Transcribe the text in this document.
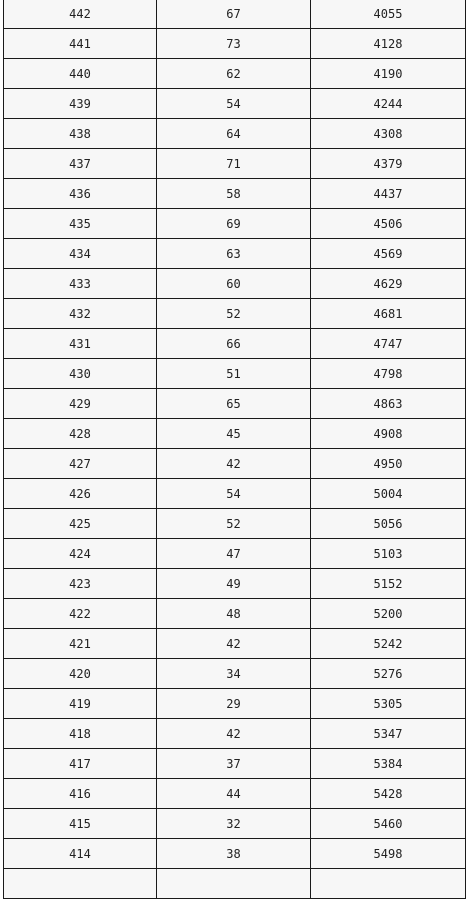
442	67	4055
441	73	4128
440	62	4190
439	54	4244
438	64	4308
437	71	4379
436	58	4437
435	69	4506
434	63	4569
433	60	4629
432	52	4681
431	66	4747
430	51	4798
429	65	4863
428	45	4908
427	42	4950
426	54	5004
425	52	5056
424	47	5103
423	49	5152
422	48	5200
421	42	5242
420	34	5276
419	29	5305
418	42	5347
417	37	5384
416	44	5428
415	32	5460
414	38	5498
